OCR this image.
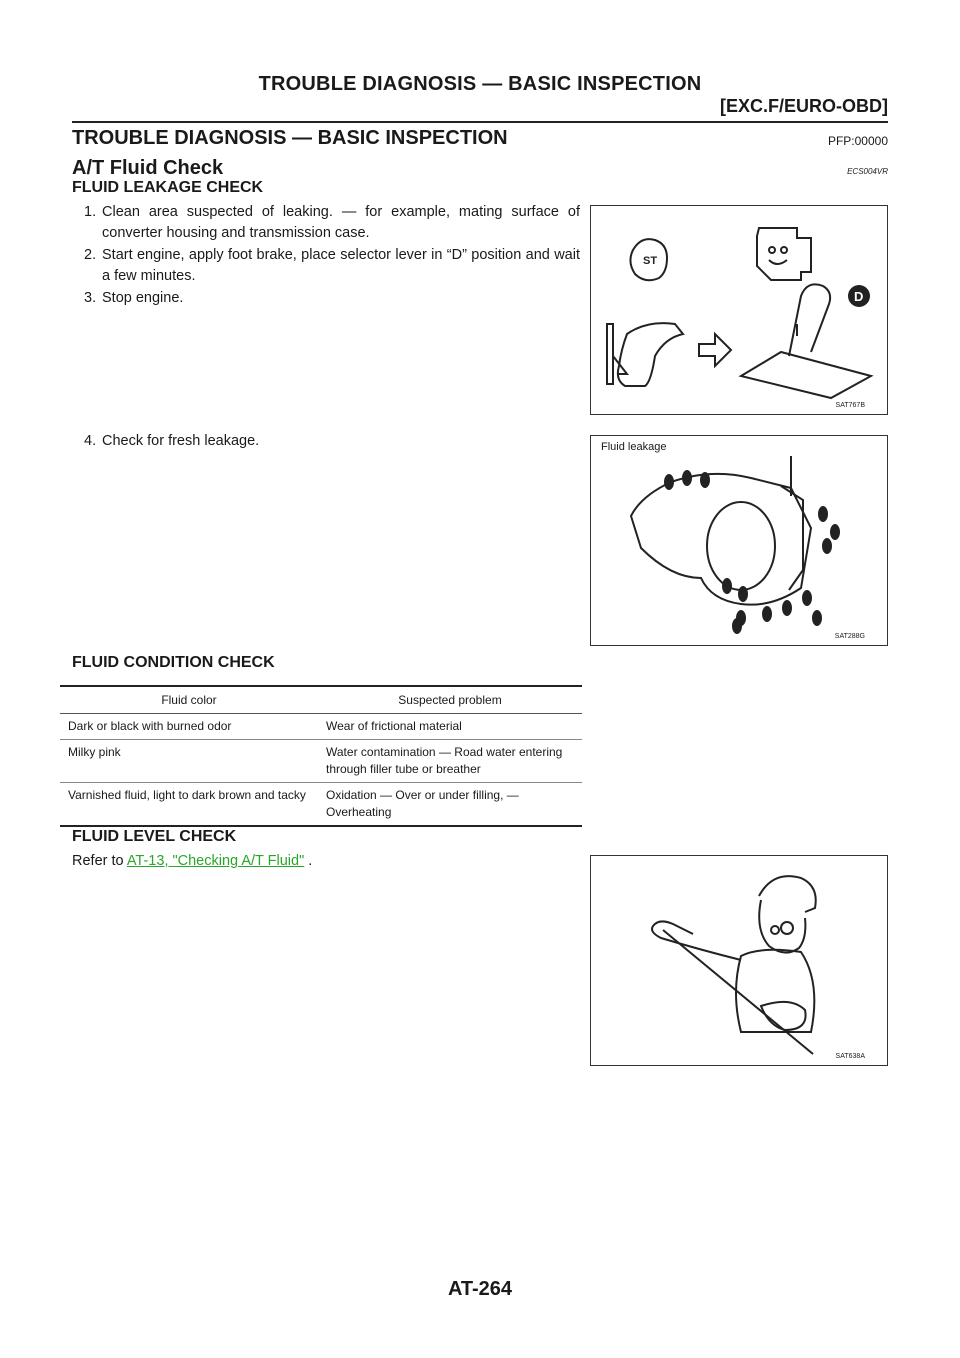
TROUBLE DIAGNOSIS — BASIC INSPECTION
[EXC.F/EURO-OBD]
TROUBLE DIAGNOSIS — BASIC INSPECTION	PFP:00000
A/T Fluid Check	ECS004VR
FLUID LEAKAGE CHECK
1. Clean area suspected of leaking. — for example, mating surface of converter housing and transmission case.
2. Start engine, apply foot brake, place selector lever in “D” position and wait a few minutes.
3. Stop engine.
4. Check for fresh leakage.
ST
D
SAT767B
Fluid leakage
SAT288G
FLUID CONDITION CHECK
Fluid color	Suspected problem
Dark or black with burned odor	Wear of frictional material
Milky pink	Water contamination — Road water entering through filler tube or breather
Varnished fluid, light to dark brown and tacky	Oxidation — Over or under filling, — Overheating
FLUID LEVEL CHECK
Refer to AT-13, "Checking A/T Fluid" .
SAT638A
AT-264
